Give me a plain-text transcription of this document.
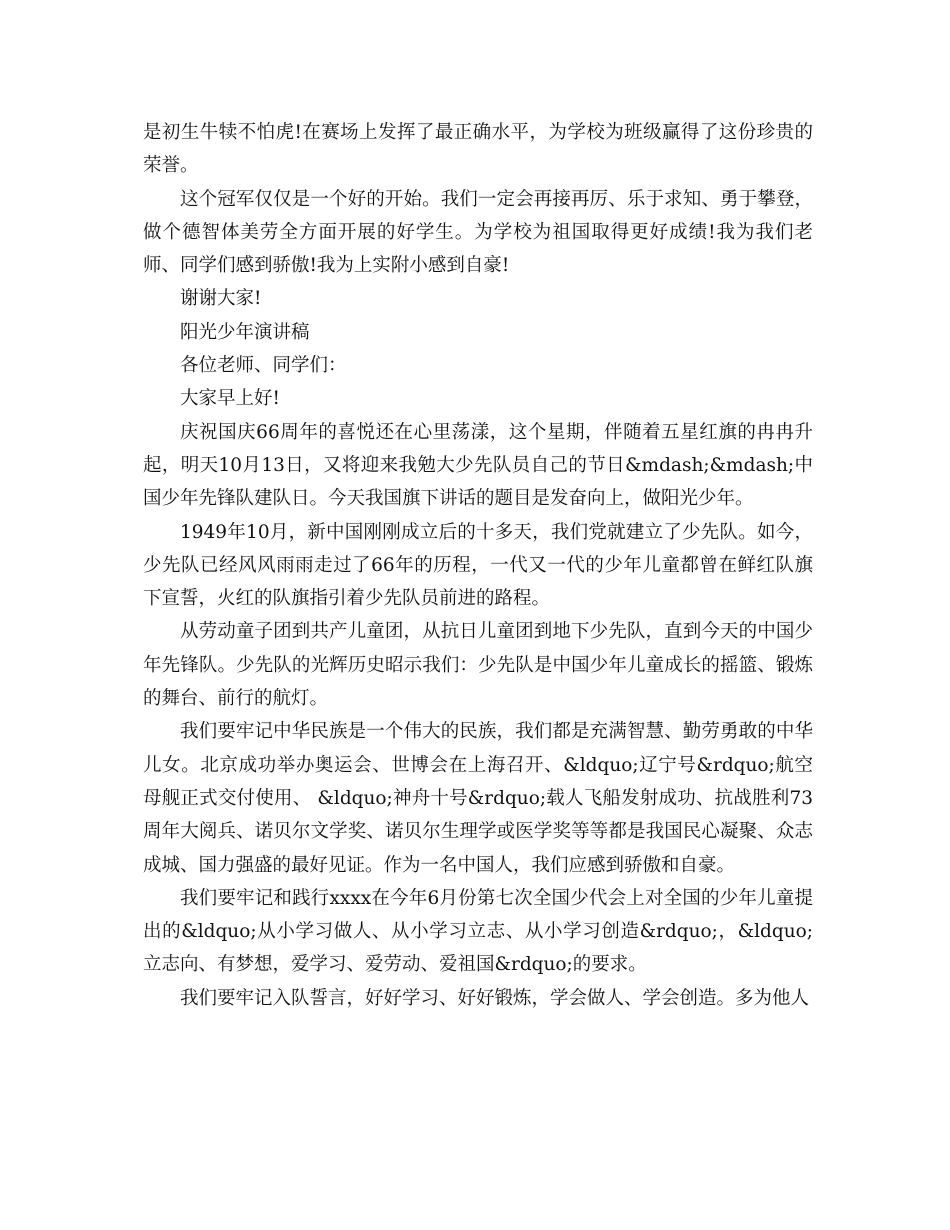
是初生牛犊不怕虎!在赛场上发挥了最正确水平，为学校为班级赢得了这份珍贵的荣誉。

这个冠军仅仅是一个好的开始。我们一定会再接再厉、乐于求知、勇于攀登，做个德智体美劳全方面开展的好学生。为学校为祖国取得更好成绩!我为我们老师、同学们感到骄傲!我为上实附小感到自豪!

谢谢大家!

阳光少年演讲稿

各位老师、同学们：

大家早上好!

庆祝国庆66周年的喜悦还在心里荡漾，这个星期，伴随着五星红旗的冉冉升起，明天10月13日，又将迎来我勉大少先队员自己的节日&mdash;&mdash;中国少年先锋队建队日。今天我国旗下讲话的题目是发奋向上，做阳光少年。

1949年10月，新中国刚刚成立后的十多天，我们党就建立了少先队。如今，少先队已经风风雨雨走过了66年的历程，一代又一代的少年儿童都曾在鲜红队旗下宣誓，火红的队旗指引着少先队员前进的路程。

从劳动童子团到共产儿童团，从抗日儿童团到地下少先队，直到今天的中国少年先锋队。少先队的光辉历史昭示我们：少先队是中国少年儿童成长的摇篮、锻炼的舞台、前行的航灯。

我们要牢记中华民族是一个伟大的民族，我们都是充满智慧、勤劳勇敢的中华儿女。北京成功举办奥运会、世博会在上海召开、&ldquo;辽宁号&rdquo;航空母舰正式交付使用、 &ldquo;神舟十号&rdquo;载人飞船发射成功、抗战胜利73周年大阅兵、诺贝尔文学奖、诺贝尔生理学或医学奖等等都是我国民心凝聚、众志成城、国力强盛的最好见证。作为一名中国人，我们应感到骄傲和自豪。

我们要牢记和践行xxxx在今年6月份第七次全国少代会上对全国的少年儿童提出的&ldquo;从小学习做人、从小学习立志、从小学习创造&rdquo;，&ldquo;立志向、有梦想，爱学习、爱劳动、爱祖国&rdquo;的要求。

我们要牢记入队誓言，好好学习、好好锻炼，学会做人、学会创造。多为他人
